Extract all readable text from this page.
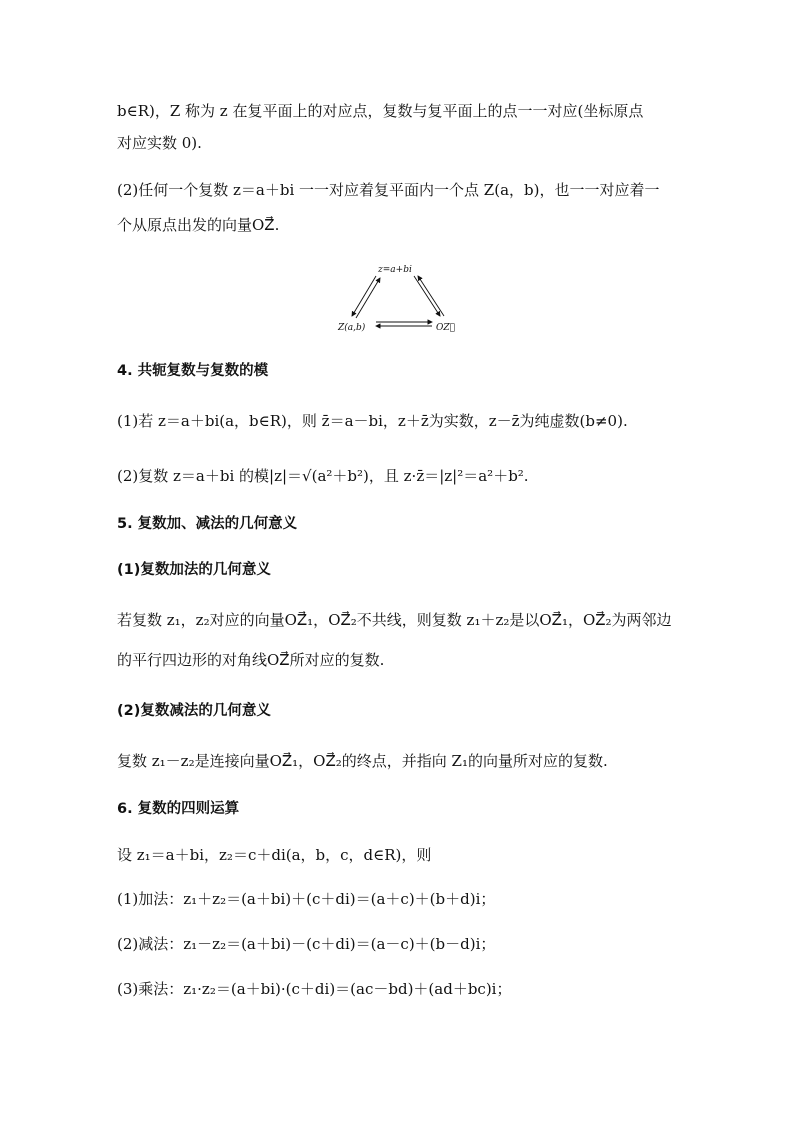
b∈R)，Z 称为 z 在复平面上的对应点，复数与复平面上的点一一对应(坐标原点
对应实数 0).
(2)任何一个复数 z＝a＋bi 一一对应着复平面内一个点 Z(a，b)，也一一对应着一
个从原点出发的向量OZ⃗.
z=a+bi
Z(a,b)	OZ⃗
4. 共轭复数与复数的模
(1)若 z＝a＋bi(a，b∈R)，则 z̄＝a－bi，z＋z̄为实数，z－z̄为纯虚数(b≠0).
(2)复数 z＝a＋bi 的模|z|＝√(a²＋b²)，且 z·z̄＝|z|²＝a²＋b².
5. 复数加、减法的几何意义
(1)复数加法的几何意义
若复数 z₁，z₂对应的向量OZ⃗₁，OZ⃗₂不共线，则复数 z₁＋z₂是以OZ⃗₁，OZ⃗₂为两邻边
的平行四边形的对角线OZ⃗所对应的复数.
(2)复数减法的几何意义
复数 z₁－z₂是连接向量OZ⃗₁，OZ⃗₂的终点，并指向 Z₁的向量所对应的复数.
6. 复数的四则运算
设 z₁＝a＋bi，z₂＝c＋di(a，b，c，d∈R)，则
(1)加法：z₁＋z₂＝(a＋bi)＋(c＋di)＝(a＋c)＋(b＋d)i；
(2)减法：z₁－z₂＝(a＋bi)－(c＋di)＝(a－c)＋(b－d)i；
(3)乘法：z₁·z₂＝(a＋bi)·(c＋di)＝(ac－bd)＋(ad＋bc)i；
